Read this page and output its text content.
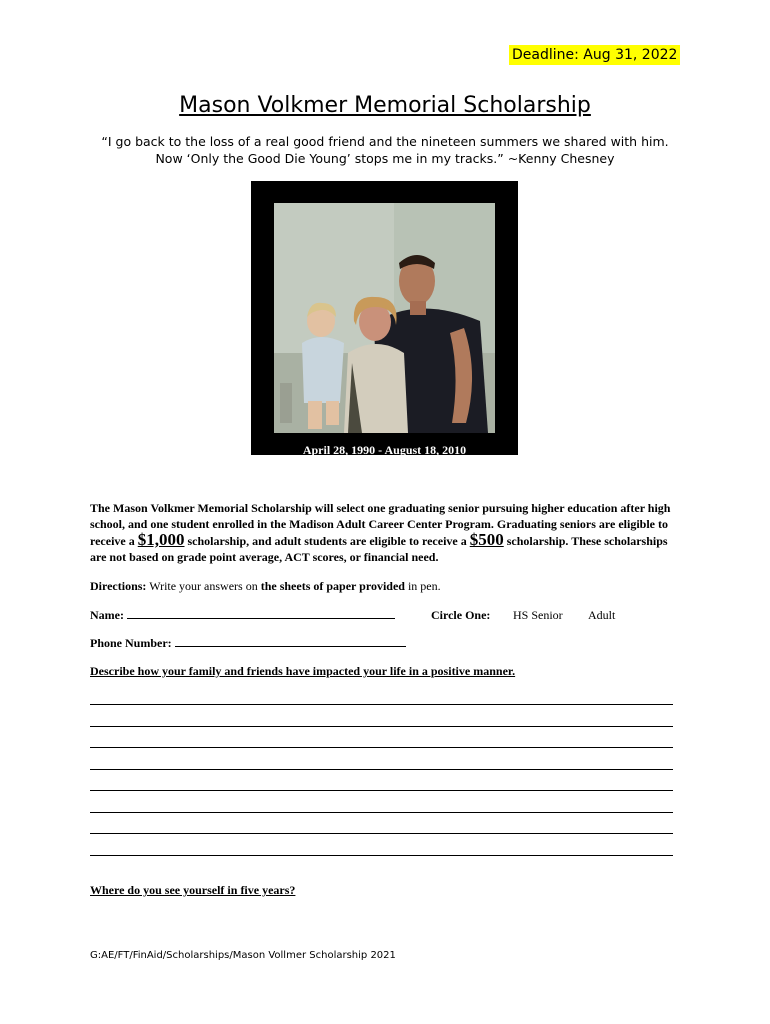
Deadline: Aug 31, 2022
Mason Volkmer Memorial Scholarship
“I go back to the loss of a real good friend and the nineteen summers we shared with him.
Now ‘Only the Good Die Young’ stops me in my tracks.” ~Kenny Chesney
April 28, 1990 - August 18, 2010
The Mason Volkmer Memorial Scholarship will select one graduating senior pursuing higher education after high school, and one student enrolled in the Madison Adult Career Center Program. Graduating seniors are eligible to receive a $1,000 scholarship, and adult students are eligible to receive a $500 scholarship. These scholarships are not based on grade point average, ACT scores, or financial need.
Directions: Write your answers on the sheets of paper provided in pen.
Name:	Circle One: HS Senior Adult
Phone Number:
Describe how your family and friends have impacted your life in a positive manner.
Where do you see yourself in five years?
G:AE/FT/FinAid/Scholarships/Mason Vollmer Scholarship 2021
